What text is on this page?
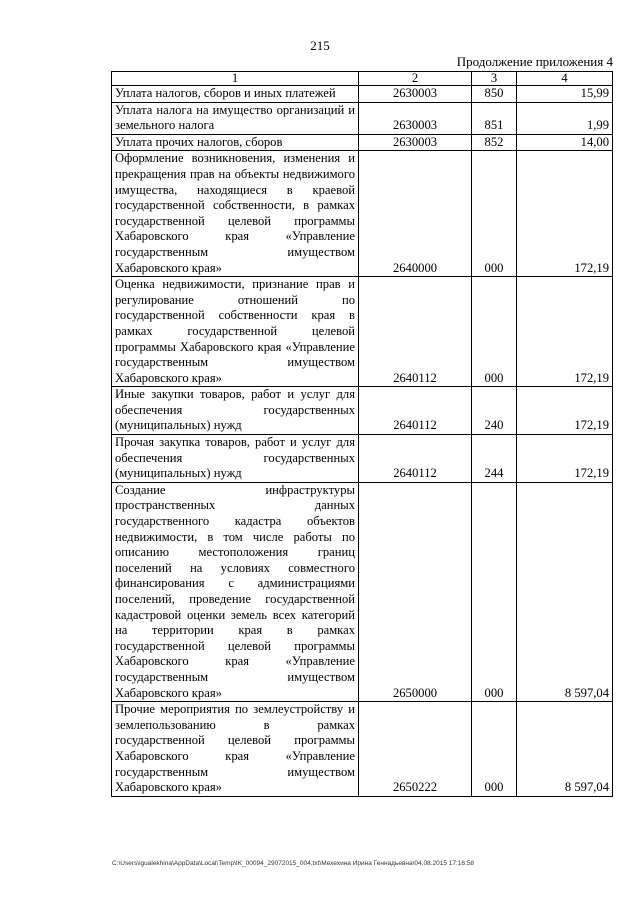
215
Продолжение приложения 4
1	2	3	4
Уплата налогов, сборов и иных платежей	2630003	850	15,99
Уплата налога на имущество организаций и земельного налога	2630003	851	1,99
Уплата прочих налогов, сборов	2630003	852	14,00
Оформление возникновения, изменения и прекращения прав на объекты недвижимого имущества, находящиеся в краевой государственной собственности, в рамках государственной целевой программы Хабаровского края «Управление государственным имуществом Хабаровского края»	2640000	000	172,19
Оценка недвижимости, признание прав и регулирование отношений по государственной собственности края в рамках государственной целевой программы Хабаровского края «Управление государственным имуществом Хабаровского края»	2640112	000	172,19
Иные закупки товаров, работ и услуг для обеспечения государственных (муниципальных) нужд	2640112	240	172,19
Прочая закупка товаров, работ и услуг для обеспечения государственных (муниципальных) нужд	2640112	244	172,19
Создание инфраструктуры пространственных данных государственного кадастра объектов недвижимости, в том числе работы по описанию местоположения границ поселений на условиях совместного финансирования с администрациями поселений, проведение государственной кадастровой оценки земель всех категорий на территории края в рамках государственной целевой программы Хабаровского края «Управление государственным имуществом Хабаровского края»	2650000	000	8 597,04
Прочие мероприятия по землеустройству и землепользованию в рамках государственной целевой программы Хабаровского края «Управление государственным имуществом Хабаровского края»	2650222	000	8 597,04
C:\Users\igualekhina\AppData\Local\Temp\IK_00094_29072015_004.txt\Мехехина Ирина Геннадьевна\04.08.2015 17:16:58
